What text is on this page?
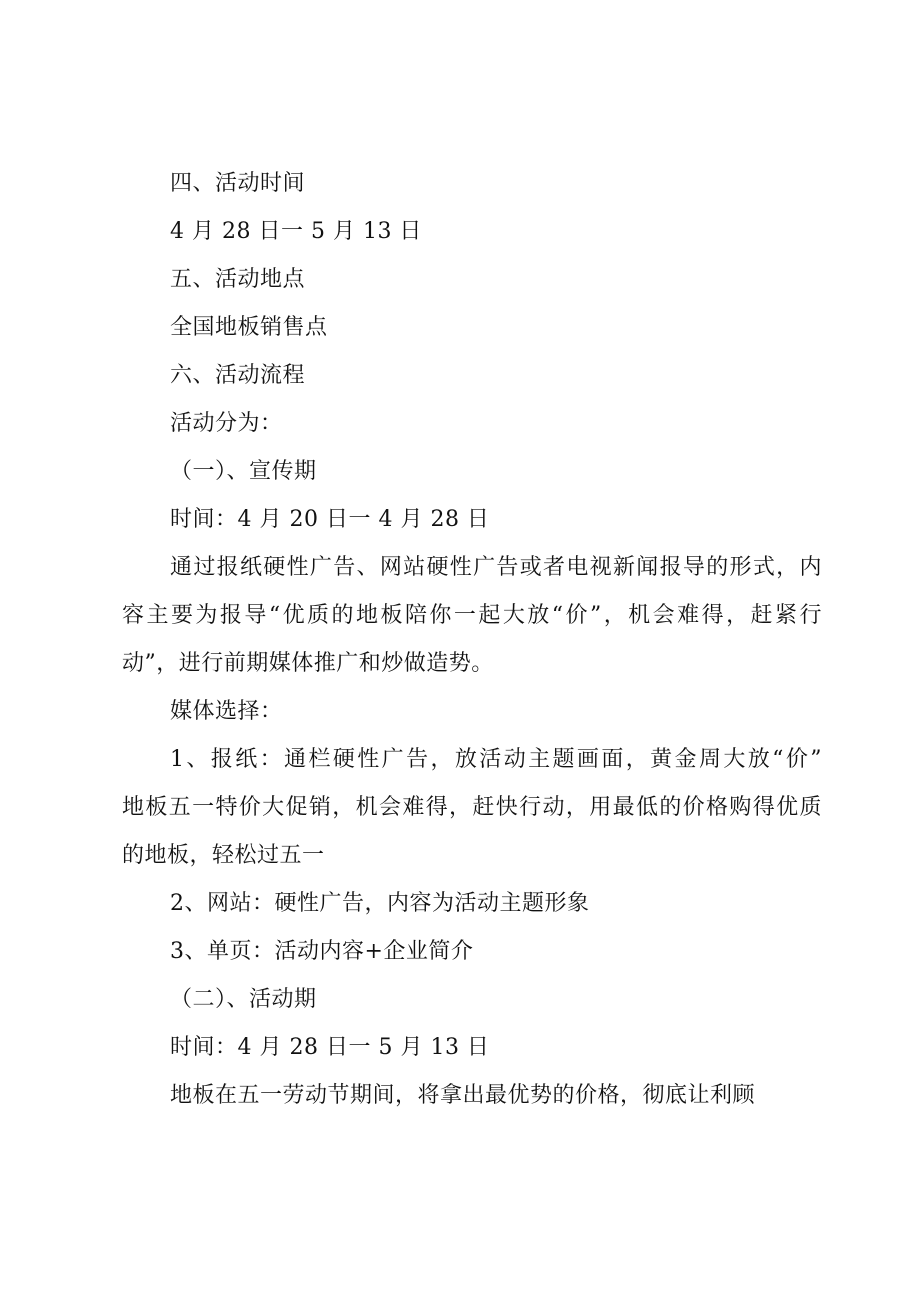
四、活动时间
4 月 28 日一 5 月 13 日
五、活动地点
全国地板销售点
六、活动流程
活动分为：
（一）、宣传期
时间：4 月 20 日一 4 月 28 日
通过报纸硬性广告、网站硬性广告或者电视新闻报导的形式，内
容主要为报导“优质的地板陪你一起大放“价”，机会难得，赶紧行
动”，进行前期媒体推广和炒做造势。
媒体选择：
1、报纸：通栏硬性广告，放活动主题画面，黄金周大放“价”
地板五一特价大促销，机会难得，赶快行动，用最低的价格购得优质
的地板，轻松过五一
2、网站：硬性广告，内容为活动主题形象
3、单页：活动内容+企业简介
（二）、活动期
时间：4 月 28 日一 5 月 13 日
地板在五一劳动节期间，将拿出最优势的价格，彻底让利顾
